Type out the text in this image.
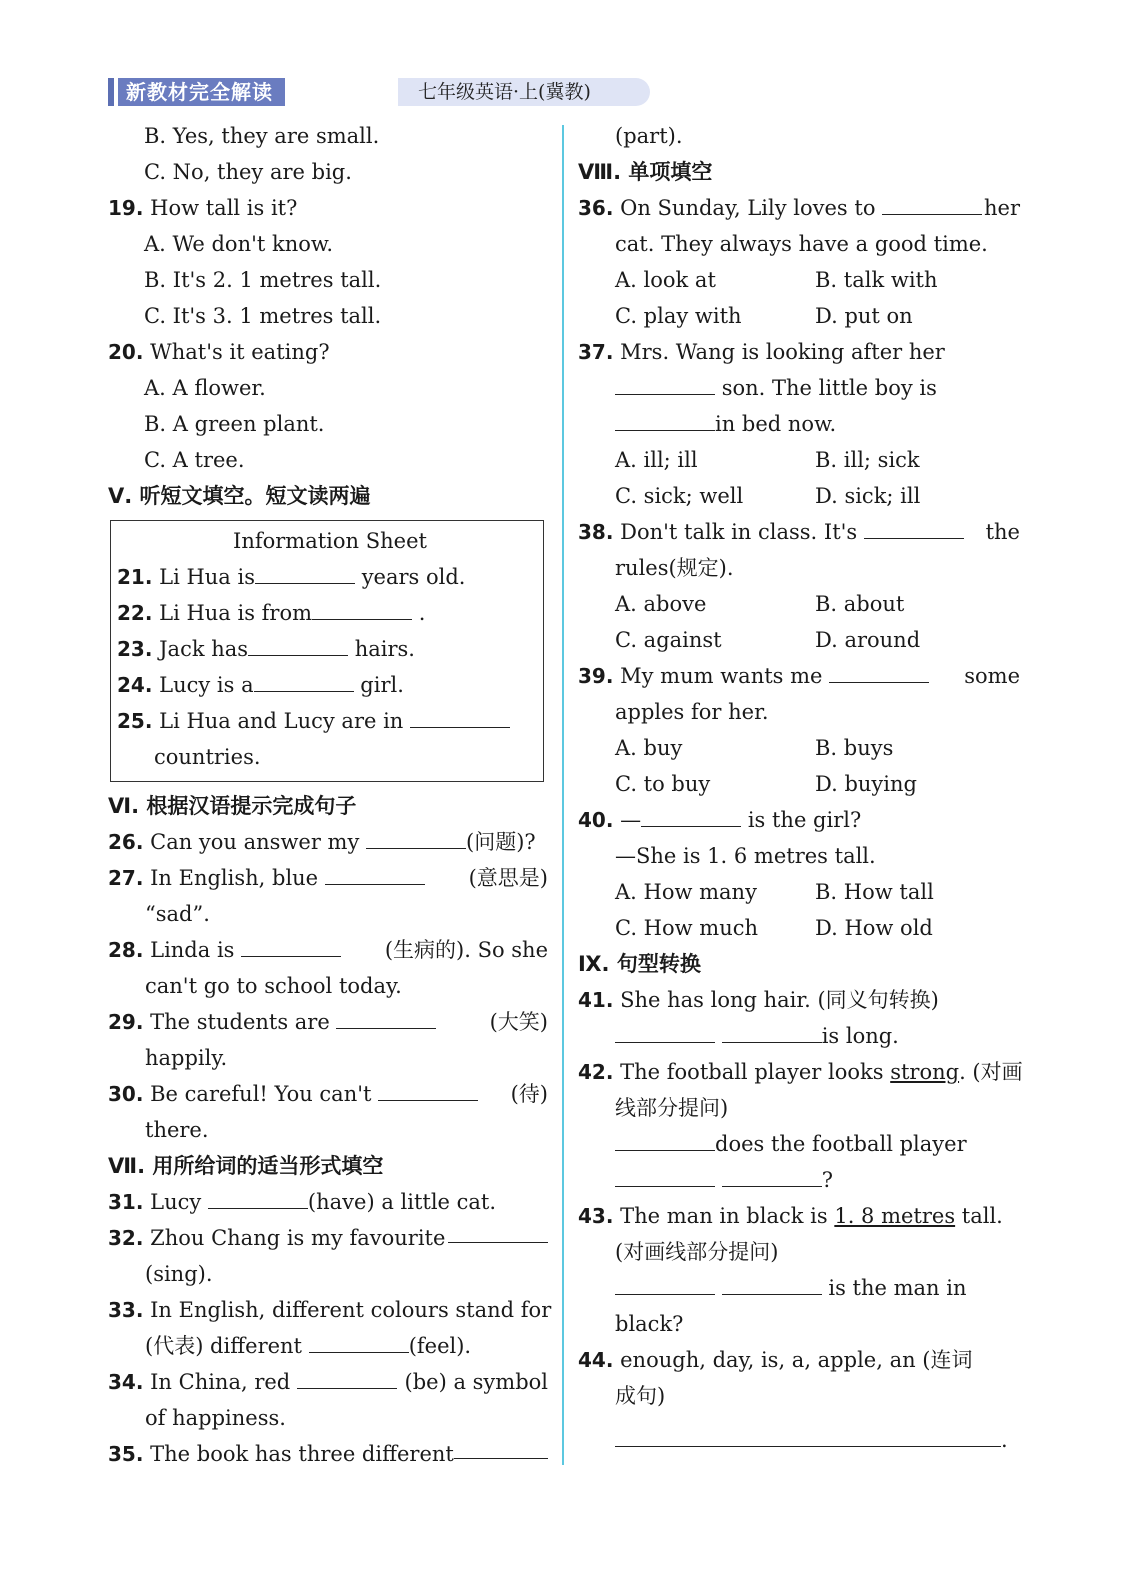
新教材完全解读	七年级英语·上(冀教)
B. Yes, they are small.
C. No, they are big.
19. How tall is it?
A. We don't know.
B. It's 2. 1 metres tall.
C. It's 3. 1 metres tall.
20. What's it eating?
A. A flower.
B. A green plant.
C. A tree.
Ⅴ. 听短文填空。短文读两遍
Information Sheet
21. Li Hua is	years old.
22. Li Hua is from	.
23. Jack has	hairs.
24. Lucy is a	girl.
25. Li Hua and Lucy are in
countries.
Ⅵ. 根据汉语提示完成句子
26. Can you answer my	(问题)?
27. In English, blue	(意思是)
“sad”.
28. Linda is	(生病的). So she
can't go to school today.
29. The students are	(大笑)
happily.
30. Be careful! You can't	(待)
there.
Ⅶ. 用所给词的适当形式填空
31. Lucy	(have) a little cat.
32. Zhou Chang is my favourite
(sing).
33. In English, different colours stand for
(代表) different	(feel).
34. In China, red	(be) a symbol
of happiness.
35. The book has three different
(part).
Ⅷ. 单项填空
36. On Sunday, Lily loves to	her
cat. They always have a good time.
A. look at	B. talk with
C. play with	D. put on
37. Mrs. Wang is looking after her
son. The little boy is
in bed now.
A. ill; ill	B. ill; sick
C. sick; well	D. sick; ill
38. Don't talk in class. It's	the
rules(规定).
A. above	B. about
C. against	D. around
39. My mum wants me	some
apples for her.
A. buy	B. buys
C. to buy	D. buying
40. —	is the girl?
—She is 1. 6 metres tall.
A. How many	B. How tall
C. How much	D. How old
Ⅸ. 句型转换
41. She has long hair. (同义句转换)
is long.
42. The football player looks strong. (对画
线部分提问)
does the football player
?
43. The man in black is 1. 8 metres tall.
(对画线部分提问)
is the man in
black?
44. enough, day, is, a, apple, an (连词
成句)
.
